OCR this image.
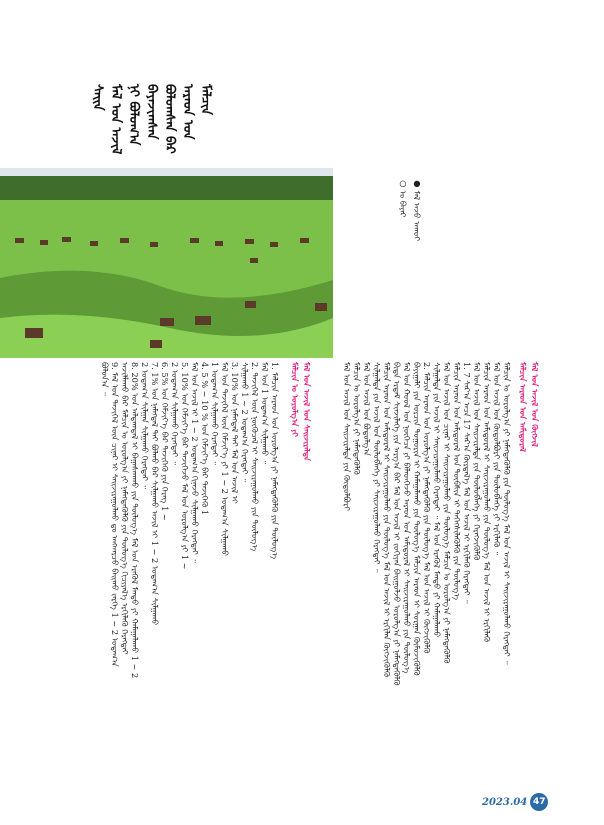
ᠰᠠᠢᠨ ᠮᠠᠯ ᠤᠨ ᠠᠵᠢᠯ ᠨᠢ ᠪᠣᠯᠤᠭ᠎ᠠ ᠪᠠᠶᠠᠵᠢᠭᠰᠠᠨ ᠪᠣᠯᠤᠭᠰᠠᠨ ᠪᠡᠷ ᠠᠷᠠᠳ ᠤᠨ ᠮᠠᠯᠴᠢᠨ
○ ᠣ ᠪᠠᠶᠠᠷ
● ᠮᠠᠯ ᠠᠵᠤ ᠠᠬᠤᠢ
ᠪᠣᠯᠤᠨ᠎ᠠ ᠃ 9. ᠮᠠᠯ ᠤᠨ ᠲᠡᠵᠢᠭᠡᠯ ᠦᠨ ᠴᠢᠨᠠᠷ ᠢ ᠰᠠᠢᠵᠢᠷᠠᠭᠤᠯᠬᠤ ᠳᠤ ᠠᠩᠬᠠᠷᠴᠤ ᠪᠠᠢᠬᠤ ᠵᠡᠷᠭᠡ 1 ~ 2 ᠤᠳᠠᠭ᠎ᠠ ᠠᠵᠢᠯᠯᠠᠬᠤ ᠪᠡᠷ ᠮᠠᠯᠴᠢᠨ ᠤ ᠣᠷᠣᠯᠭ᠎ᠠ ᠶᠢ ᠨᠡᠮᠡᠭᠳᠡᠭᠦᠯᠬᠦ ᠶᠢᠨ ᠲᠥᠯᠥᠭ᠎ᠡ ᠬᠢᠴᠢᠶᠡᠯ᠎ᠡ ᠡᠷᠬᠢᠯᠡᠬᠦ ᠬᠡᠷᠡᠭᠲᠡᠢ 8. 20% ᠤᠨ ᠠᠯᠳᠠᠭᠳᠠᠯ ᠢ ᠪᠠᠭᠠᠰᠬᠠᠬᠤ ᠶᠢᠨ ᠲᠥᠯᠥᠭ᠎ᠡ ᠮᠠᠯ ᠤᠨ ᠡᠷᠡᠭᠦᠯ ᠮᠡᠨᠳᠦ ᠶᠢ ᠬᠠᠮᠠᠭᠠᠯᠠᠬᠤ 1 ~ 2 2 ᠤᠳᠠᠭ᠎ᠠ ᠰᠢᠯᠭᠠᠨ ᠰᠢᠯᠭᠠᠬᠤ ᠬᠡᠷᠡᠭᠲᠡᠢ ᠃ 7. 1% ᠤᠨ ᠨᠡᠮᠡᠭᠳᠡᠯ ᠲᠠᠢ ᠪᠣᠯᠬᠤ ᠪᠠᠷ ᠰᠢᠯᠭᠠᠬᠤ ᠠᠵᠢᠯ ᠢ 1 ~ 2 ᠤᠳᠠᠭ᠎ᠠ ᠰᠢᠯᠭᠠᠬᠤ 6. 5% ᠤᠨ ᠬᠡᠮᠵᠢᠶ᠎ᠡ ᠪᠡᠷ ᠲᠡᠵᠢᠭᠡᠬᠦ ᠶᠢᠨ ᠬᠡᠷᠡᠭ 1 ~ 2 ᠤᠳᠠᠭ᠎ᠠ ᠰᠢᠯᠭᠠᠬᠤ ᠬᠡᠷᠡᠭᠲᠡᠢ ᠃ 5. 10% ᠤᠨ ᠬᠡᠮᠵᠢᠶ᠎ᠡ ᠪᠡᠷ ᠲᠡᠵᠢᠭᠡᠵᠦ ᠮᠠᠯ ᠤᠨ ᠣᠷᠣᠯᠭ᠎ᠠ ᠶᠢ 1 ~ ᠮᠠᠯ ᠤᠨ ᠠᠵᠢᠯ ᠢ 1 ~ 2 ᠤᠳᠠᠭ᠎ᠠ ᠬᠢᠨᠠᠵᠤ ᠰᠢᠯᠭᠠᠬᠤ ᠬᠡᠷᠡᠭᠲᠡᠢ ᠃ 4. 5 % ~ 10 % ᠤᠨ ᠬᠡᠮᠵᠢᠶ᠎ᠡ ᠪᠡᠷ ᠲᠡᠵᠢᠭᠡᠬᠦ 1 1 ᠤᠳᠠᠭ᠎ᠠ ᠰᠢᠯᠭᠠᠬᠤ ᠬᠡᠷᠡᠭᠲᠡᠢ ᠃ ᠮᠠᠯ ᠤᠨ ᠲᠡᠵᠢᠭᠡᠯ ᠦᠨ ᠬᠡᠮᠵᠢᠶ᠎ᠡ ᠶᠢ 1 ~ 2 ᠤᠳᠠᠭ᠎ᠠ ᠰᠢᠯᠭᠠᠬᠤ 3. 10% ᠤᠨ ᠨᠡᠮᠡᠭᠳᠡᠯ ᠲᠠᠢ ᠮᠠᠯ ᠤᠨ ᠠᠵᠢᠯ ᠢ ᠰᠢᠯᠭᠠᠬᠤ 1 ~ 2 ᠤᠳᠠᠭ᠎ᠠ ᠬᠡᠷᠡᠭᠲᠡᠢ ᠃ 2. ᠲᠡᠵᠢᠭᠡᠯ ᠦᠨ ᠨᠥᠬᠥᠴᠡᠯ ᠢ ᠰᠠᠢᠵᠢᠷᠠᠭᠤᠯᠬᠤ ᠶᠢᠨ ᠲᠥᠯᠥᠭ᠎ᠡ ᠮᠠᠯ ᠤᠨ 1 ᠤᠳᠠᠭ᠎ᠠ ᠰᠢᠯᠭᠠᠬᠤ ᠃ 1. ᠮᠠᠯᠴᠢᠨ ᠠᠷᠠᠳ ᠤᠨ ᠣᠷᠣᠯᠭ᠎ᠠ ᠶᠢ ᠨᠡᠮᠡᠭᠳᠡᠭᠦᠯᠬᠦ ᠶᠢᠨ ᠲᠥᠯᠥᠭ᠎ᠡ ᠮᠠᠯᠴᠢᠨ ᠤ ᠣᠷᠣᠯᠭ᠎ᠠ ᠶᠢ ᠮᠠᠯ ᠤᠨ ᠠᠵᠢᠯ ᠤᠨ ᠰᠠᠢᠵᠢᠷᠠᠯᠲᠠ	ᠮᠠᠯ ᠤᠨ ᠠᠵᠢᠯ ᠤᠨ ᠰᠠᠢᠵᠢᠷᠠᠯᠲᠠ ᠶᠢᠨ ᠬᠥᠲᠥᠯᠪᠦᠷᠢ ᠮᠠᠯᠴᠢᠨ ᠤ ᠣᠷᠣᠯᠭ᠎ᠠ ᠶᠢ ᠨᠡᠮᠡᠭᠳᠡᠭᠦᠯᠬᠦ ᠮᠠᠯ ᠤᠨ ᠠᠵᠢᠯ ᠤᠨ ᠪᠣᠳᠤᠯᠭ᠎ᠠ ᠰᠢᠯᠭᠠᠯᠲᠠ ᠶᠢᠨ ᠠᠵᠢᠯ ᠤᠨ ᠲᠥᠯᠥᠪᠯᠡᠭᠡ ᠶᠢ ᠰᠠᠢᠵᠢᠷᠠᠭᠤᠯᠬᠤ ᠬᠡᠷᠡᠭᠲᠡᠢ ᠃ ᠮᠠᠯᠴᠢᠨ ᠠᠷᠠᠳ ᠤᠨ ᠠᠮᠢᠳᠤᠷᠠᠯ ᠢ ᠰᠠᠢᠵᠢᠷᠠᠭᠤᠯᠬᠤ ᠶᠢᠨ ᠲᠥᠯᠥᠭ᠎ᠡ ᠮᠠᠯ ᠤᠨ ᠠᠵᠢᠯ ᠢ ᠡᠷᠬᠢᠯᠡᠨ ᠬᠥᠭᠵᠢᠭᠦᠯᠬᠦ ᠪᠢᠳᠡ ᠡᠷᠳᠡᠮ ᠰᠢᠨᠵᠢᠯᠡᠭᠡ ᠶᠢᠨ ᠠᠷᠭ᠎ᠠ ᠪᠠᠷ ᠮᠠᠯ ᠤᠨ ᠠᠵᠢᠯ ᠢ ᠵᠣᠬᠢᠶᠠᠨ ᠪᠠᠢᠭᠤᠯᠵᠤ ᠣᠷᠣᠯᠭ᠎ᠠ ᠶᠢ ᠨᠡᠮᠡᠭᠳᠡᠭᠦᠯᠬᠦ ᠮᠠᠯ ᠤᠨ ᠬᠣᠣᠯ ᠤᠨ ᠨᠥᠭᠡᠴᠡ ᠶᠢ ᠪᠡᠯᠡᠳᠬᠡᠵᠦ ᠠᠷᠠᠳ ᠤᠨ ᠠᠮᠢᠳᠤᠷᠠᠯ ᠢ ᠰᠠᠢᠵᠢᠷᠠᠭᠤᠯᠬᠤ ᠶᠢᠨ ᠲᠥᠯᠥᠭ᠎ᠡ ᠪᠠᠶᠢᠭᠠᠯᠢ ᠶᠢᠨ ᠣᠷᠴᠢᠨ ᠲᠣᠭᠣᠷᠢᠨ ᠢ ᠬᠠᠮᠠᠭᠠᠯᠠᠬᠤ ᠶᠢᠨ ᠲᠥᠯᠥᠭ᠎ᠡ ᠮᠠᠯᠴᠢᠨ ᠠᠷᠠᠳ ᠢ ᠰᠤᠷᠭᠠᠨ ᠬᠥᠮᠦᠵᠢᠭᠦᠯᠬᠦ 2. ᠮᠠᠯᠴᠢᠨ ᠠᠷᠠᠳ ᠤᠨ ᠣᠷᠣᠯᠭ᠎ᠠ ᠶᠢ ᠨᠡᠮᠡᠭᠳᠡᠭᠦᠯᠬᠦ ᠶᠢᠨ ᠲᠥᠯᠥᠭ᠎ᠡ ᠮᠠᠯ ᠤᠨ ᠠᠵᠢᠯ ᠢ ᠬᠥᠭᠵᠢᠭᠦᠯᠬᠦ ᠰᠢᠯᠭᠠᠯᠲᠠ ᠶᠢᠨ ᠠᠵᠢᠯ ᠢ ᠰᠠᠢᠵᠢᠷᠠᠭᠤᠯᠬᠤ ᠬᠡᠷᠡᠭᠲᠡᠢ ᠃ ᠮᠠᠯ ᠤᠨ ᠡᠷᠡᠭᠦᠯ ᠮᠡᠨᠳᠦ ᠶᠢ ᠬᠠᠮᠠᠭᠠᠯᠠᠬᠤ ᠮᠠᠯ ᠤᠨ ᠠᠵᠢᠯ ᠤᠨ ᠴᠢᠨᠠᠷ ᠢ ᠰᠠᠢᠵᠢᠷᠠᠭᠤᠯᠬᠤ ᠶᠢᠨ ᠲᠥᠯᠥᠭ᠎ᠡ ᠮᠠᠯᠴᠢᠨ ᠤ ᠣᠷᠣᠯᠭ᠎ᠠ ᠶᠢ ᠨᠡᠮᠡᠭᠳᠡᠭᠦᠯᠬᠦ ᠮᠠᠯᠴᠢᠨ ᠠᠷᠠᠳ ᠤᠨ ᠠᠮᠢᠳᠤᠷᠠᠯ ᠤᠨ ᠲᠦᠪᠰᠢᠨ ᠢ ᠳᠡᠭᠡᠭᠰᠢᠯᠡᠭᠦᠯᠬᠦ ᠶᠢᠨ ᠲᠥᠯᠥᠭ᠎ᠡ 1. 7 ᠰᠠᠷ᠎ᠠ ᠠᠴᠠ 17 ᠰᠠᠷ᠎ᠠ ᠬᠦᠷᠲᠡᠯ᠎ᠡ ᠮᠠᠯ ᠤᠨ ᠠᠵᠢᠯ ᠢ ᠡᠷᠬᠢᠯᠡᠬᠦ ᠬᠡᠷᠡᠭᠲᠡᠢ ᠃ ᠮᠠᠯ ᠤᠨ ᠠᠵᠢᠯ ᠤᠨ ᠰᠠᠢᠵᠢᠷᠠᠯᠲᠠ ᠶᠢᠨ ᠲᠥᠯᠥᠪᠯᠡᠭᠡ ᠶᠢ ᠬᠡᠷᠡᠭᠵᠢᠭᠦᠯᠬᠦ ᠮᠠᠯᠴᠢᠨ ᠠᠷᠠᠳ ᠤᠨ ᠠᠮᠢᠳᠤᠷᠠᠯ ᠢ ᠰᠠᠢᠵᠢᠷᠠᠭᠤᠯᠬᠤ ᠶᠢᠨ ᠲᠥᠯᠥᠭ᠎ᠡ ᠮᠠᠯ ᠤᠨ ᠠᠵᠢᠯ ᠢ ᠡᠷᠬᠢᠯᠡᠬᠦ ᠮᠠᠯ ᠤᠨ ᠠᠵᠢᠯ ᠤᠨ ᠬᠥᠲᠥᠯᠪᠦᠷᠢ ᠶᠢᠨ ᠲᠥᠯᠥᠪᠯᠡᠭᠡ ᠶᠢ ᠡᠷᠬᠢᠯᠡᠬᠦ ᠃ ᠮᠠᠯᠴᠢᠨ ᠤ ᠣᠷᠣᠯᠭ᠎ᠠ ᠶᠢ ᠨᠡᠮᠡᠭᠳᠡᠭᠦᠯᠬᠦ ᠶᠢᠨ ᠲᠥᠯᠥᠭ᠎ᠡ ᠮᠠᠯ ᠤᠨ ᠠᠵᠢᠯ ᠢ ᠰᠠᠢᠵᠢᠷᠠᠭᠤᠯᠬᠤ ᠬᠡᠷᠡᠭᠲᠡᠢ ᠃ ᠮᠠᠯᠴᠢᠨ ᠠᠷᠠᠳ ᠤᠨ ᠠᠮᠢᠳᠤᠷᠠᠯ ᠮᠠᠯ ᠤᠨ ᠠᠵᠢᠯ ᠤᠨ ᠬᠥᠭᠵᠢᠯ
2023.04 47
